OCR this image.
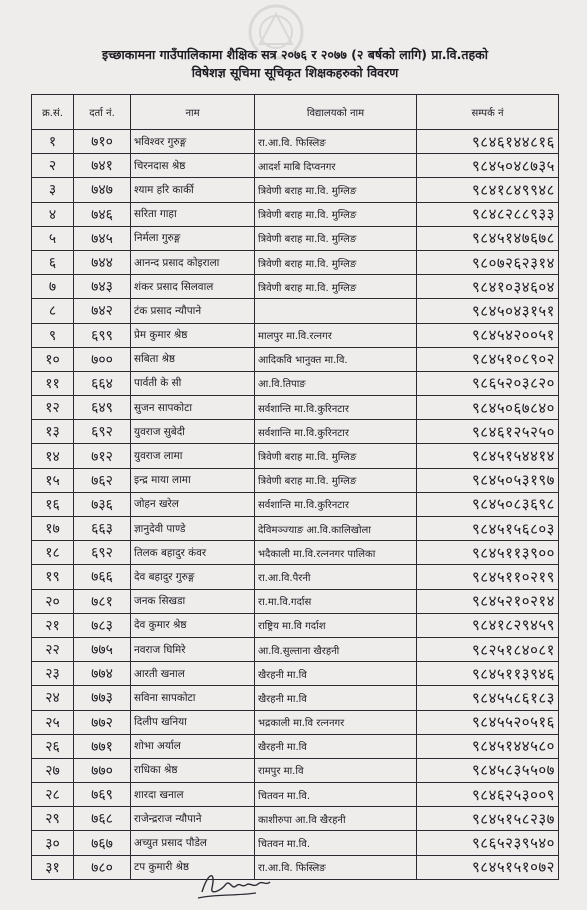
इच्छाकामना गाउँपालिकामा शैक्षिक सत्र २०७६ र २०७७ (२ बर्षको लागि) प्रा.वि.तहको
विषेशज्ञ सूचिमा सूचिकृत शिक्षकहरुको विवरण
क्र.सं.	दर्ता नं.	नाम	विद्यालयको नाम	सम्पर्क नं
१	७१०	भविश्वर गुरुङ्ग	रा.आ.वि. फिस्लिङ	९८४६१४४८१६
२	७४१	चिरनदास श्रेष्ठ	आदर्श माबि दिप्वनगर	९८४५०४८७३५
३	७४७	श्याम हरि कार्की	त्रिवेणी बराह मा.वि. मुग्लिङ	९८४१८४९९४८
४	७४६	सरिता गाहा	त्रिवेणी बराह मा.वि. मुग्लिङ	९८४८२८८९३३
५	७४५	निर्मला गुरुङ्ग	त्रिवेणी बराह मा.वि. मुग्लिङ	९८४५१४७६७८
६	७४४	आनन्द प्रसाद कोइराला	त्रिवेणी बराह मा.वि. मुग्लिङ	९८०७२६२३१४
७	७४३	शंकर प्रसाद सिलवाल	त्रिवेणी बराह मा.वि. मुग्लिङ	९८४१०३४६०४
८	७४२	टंक प्रसाद न्यौपाने		९८४५०४३१५१
९	६९९	प्रेम कुमार श्रेष्ठ	मालपुर मा.वि.रत्नगर	९८४५४२००५१
१०	७००	सबिता श्रेष्ठ	आदिकवि भानुक्त मा.वि.	९८४५१०८९०२
११	६६४	पार्वती के सी	आ.वि.तिपाङ	९८६५२०३८२०
१२	६४९	सुजन सापकोटा	सर्वशान्ति मा.वि.कुरिनटार	९८४५०६७८४०
१३	६९२	युवराज सुबेदी	सर्वशान्ति मा.वि.कुरिनटार	९८४६१२५२५०
१४	७१२	युवराज लामा	त्रिवेणी बराह मा.वि. मुग्लिङ	९८४५१५४४१४
१५	७६२	इन्द्र माया लामा	त्रिवेणी बराह मा.वि. मुग्लिङ	९८४५०५३१९७
१६	७३६	जोहन खरेल	सर्वशान्ति मा.वि.कुरिनटार	९८४५०८३६९८
१७	६६३	ज्ञानुदेवी पाण्डे	देविमञ्ज्याङ आ.वि.कालिखोला	९८४५१५६८०३
१८	६९२	तिलक बहादुर कंवर	भदैकाली मा.वि.रत्ननगर पालिका	९८४५११३९००
१९	७६६	देव बहादुर गुरुङ्ग	रा.आ.वि.पैरनी	९८४५११०२१९
२०	७८१	जनक सिखडा	रा.मा.वि.गर्दास	९८४५२१०२१४
२१	७८३	देव कुमार श्रेष्ठ	राष्ट्रिय मा.वि गर्दाश	९८४१८२९४५९
२२	७७५	नवराज घिमिरे	आ.वि.सुल्ताना खैरहनी	९८२५१८४०८१
२३	७७४	आरती खनाल	खैरहनी मा.वि	९८४५११३९४६
२४	७७३	सविना सापकोटा	खैरहनी मा.वि	९८४५५८६१८३
२५	७७२	दिलीप खनिया	भद्रकाली मा.वि रत्ननगर	९८४५५२०५१६
२६	७७१	शोभा अर्याल	खैरहनी मा.वि	९८४५१४४५८०
२७	७७०	राधिका श्रेष्ठ	रामपुर मा.वि	९८४५८३५५०७
२८	७६९	शारदा खनाल	चितवन मा.वि.	९८४६२५३००९
२९	७६८	राजेन्द्रराज न्यौपाने	काशीरुपा आ.वि खैरहनी	९८४५१५८२३७
३०	७६७	अच्युत प्रसाद पौडेल	चितवन मा.वि.	९८६५२३९५४०
३१	७८०	टप कुमारी श्रेष्ठ	रा.आ.वि. फिस्लिङ	९८४५१५१०७२
